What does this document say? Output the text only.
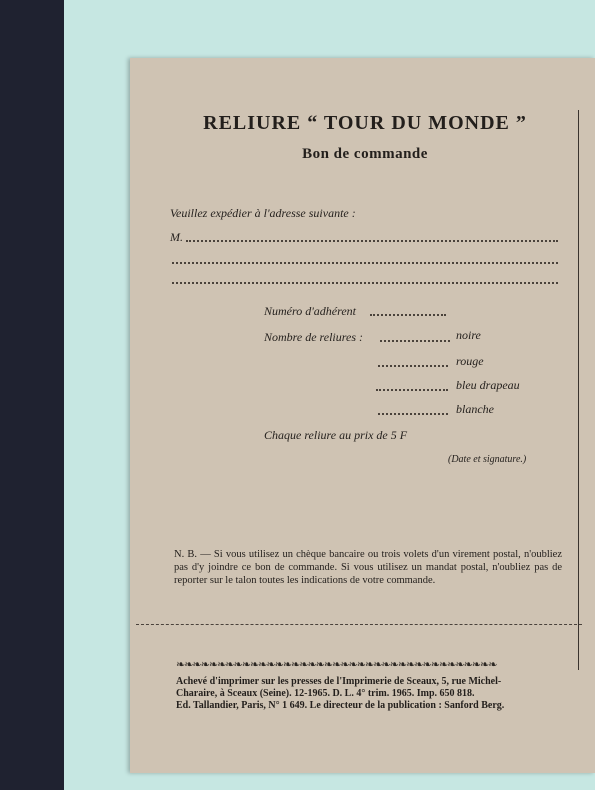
RELIURE “ TOUR DU MONDE ”
Bon de commande
Veuillez expédier à l'adresse suivante :
M.
Numéro d'adhérent
Nombre de reliures :	noire
rouge
bleu drapeau
blanche
Chaque reliure au prix de 5 F
(Date et signature.)
N. B. — Si vous utilisez un chèque bancaire ou trois volets d'un virement postal, n'oubliez pas d'y joindre ce bon de commande. Si vous utilisez un mandat postal, n'oubliez pas de reporter sur le talon toutes les indications de votre commande.
❧❧❧❧❧❧❧❧❧❧❧❧❧❧❧❧❧❧❧❧❧❧❧❧❧❧❧❧❧❧❧❧❧❧❧❧❧❧❧
Achevé d'imprimer sur les presses de l'Imprimerie de Sceaux, 5, rue Michel-
Charaire, à Sceaux (Seine). 12-1965. D. L. 4° trim. 1965. Imp. 650 818.
Ed. Tallandier, Paris, N° 1 649. Le directeur de la publication : Sanford Berg.
